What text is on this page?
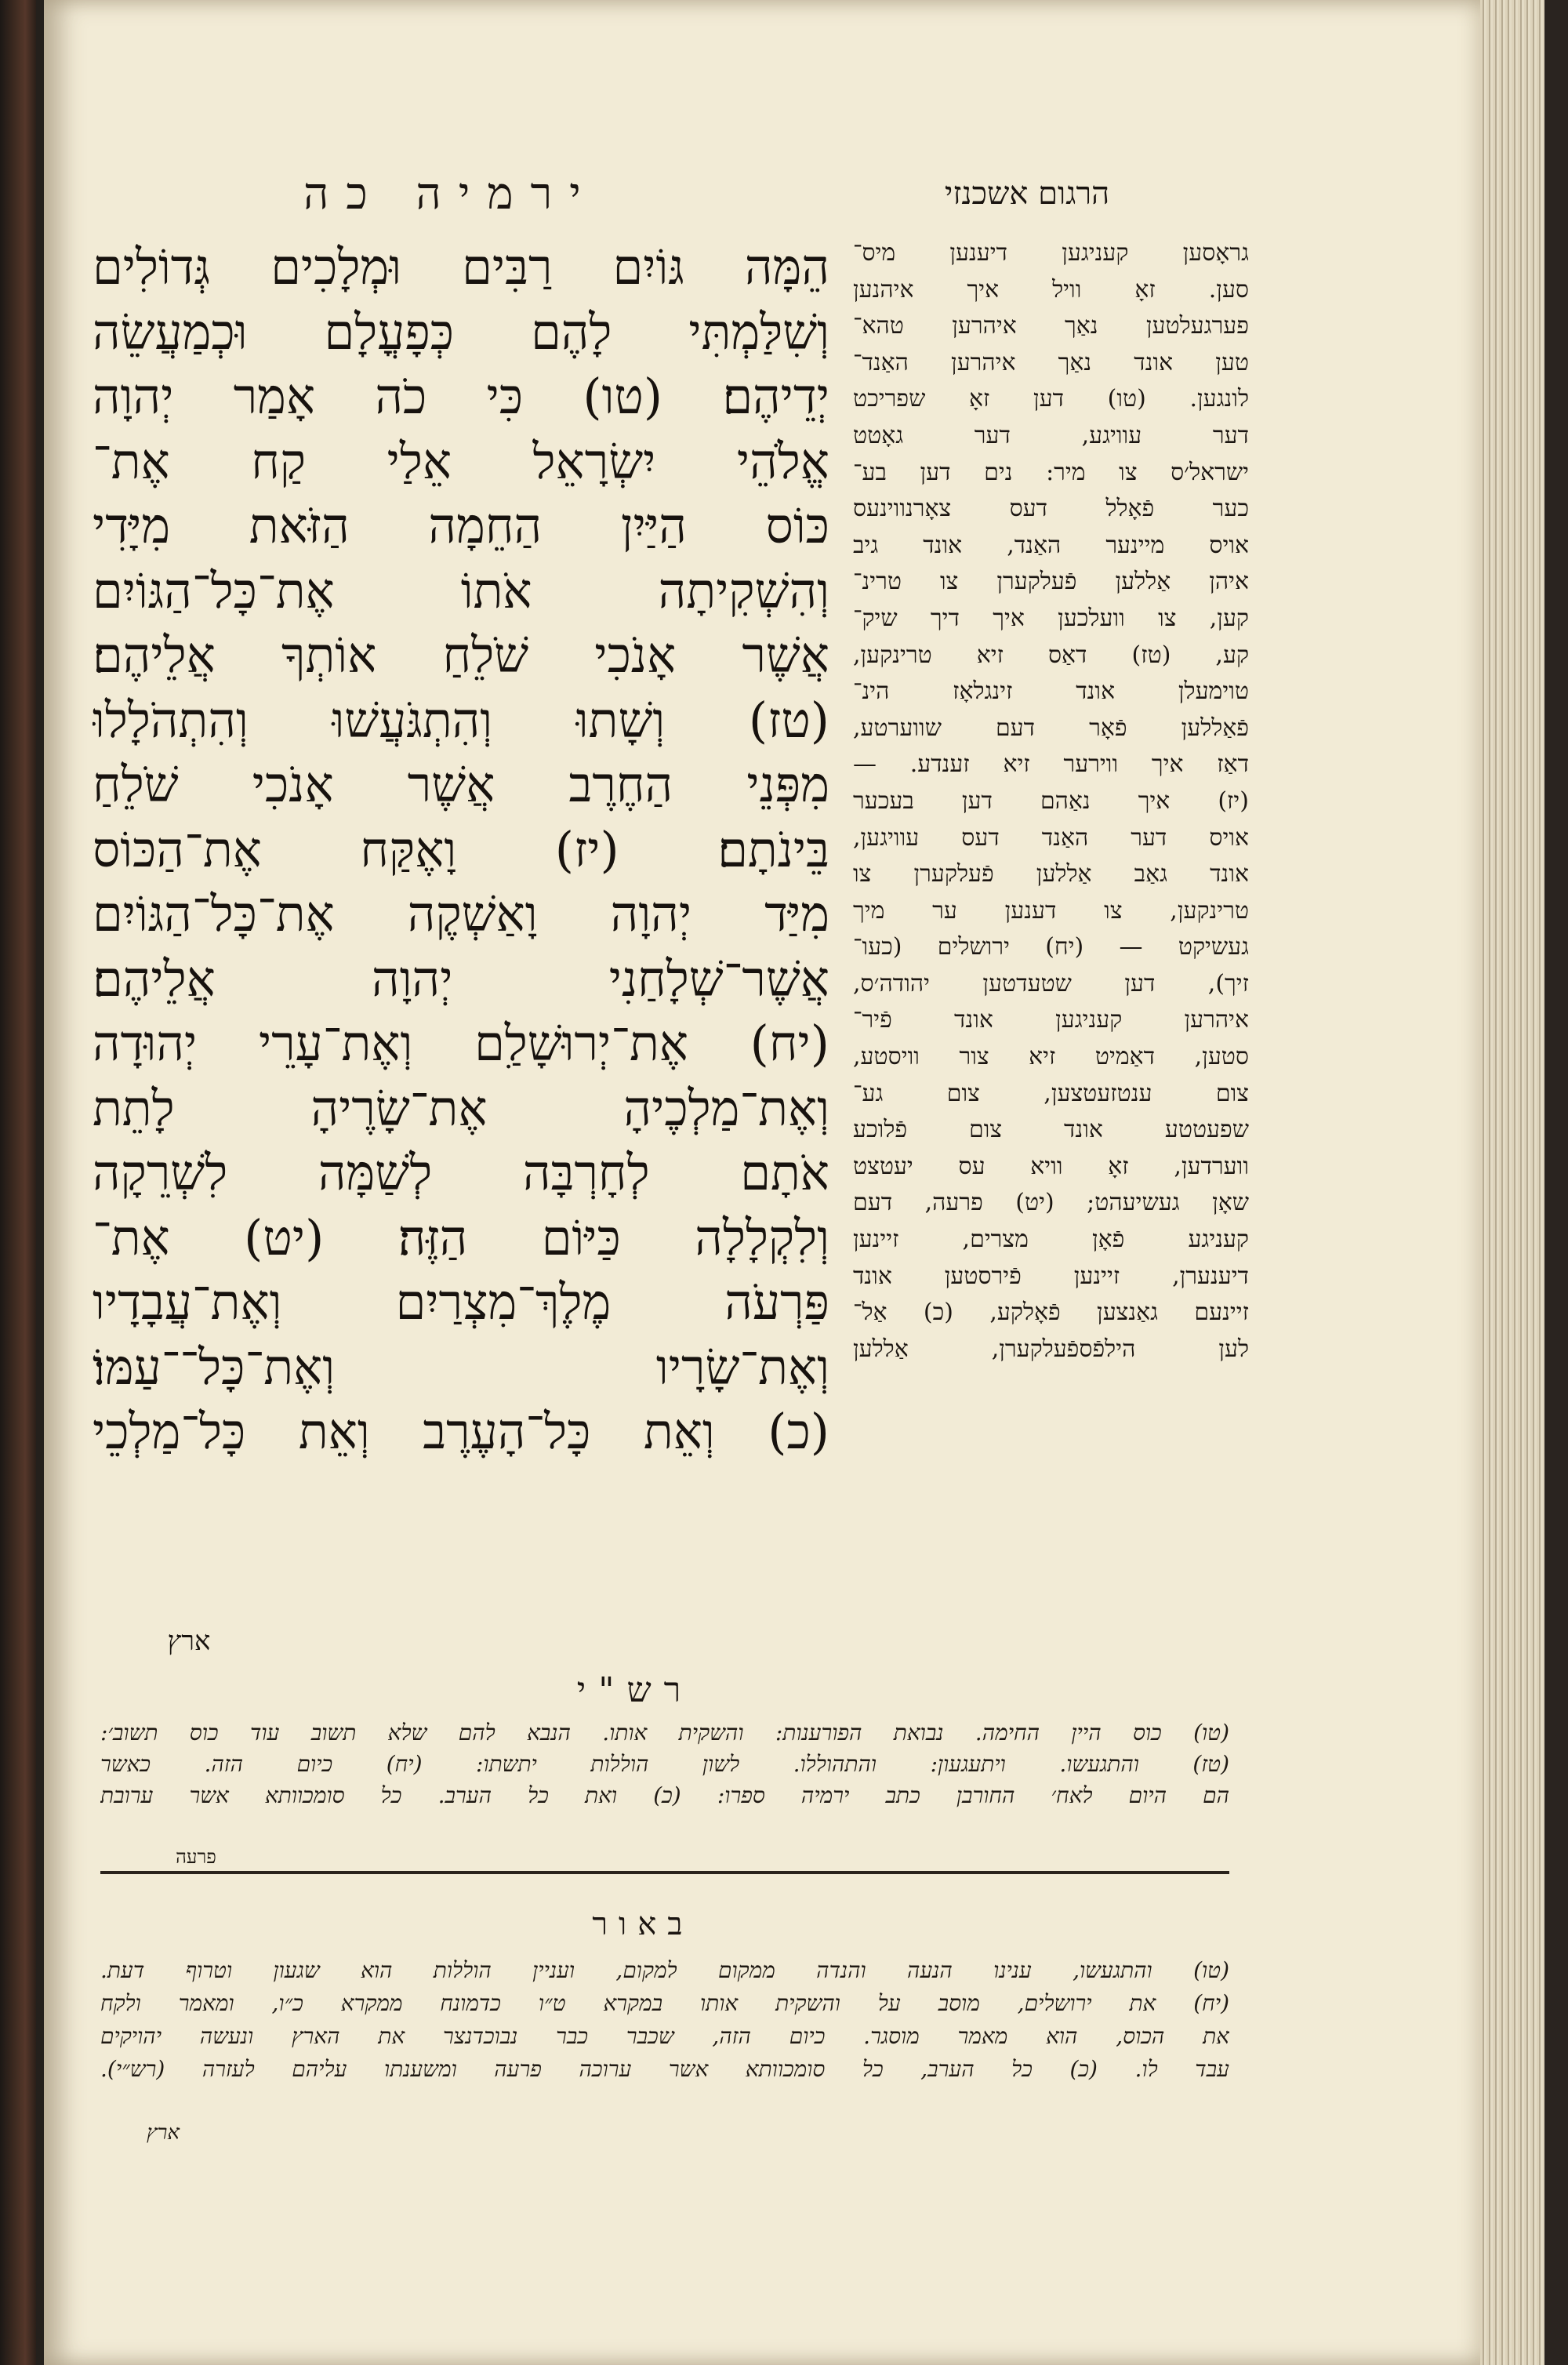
ירמיה כה	הרגום אשכנזי
הֵמָּה גּוֹיִם רַבִּים וּמְלָכִים גְּדוֹלִים
וְשִׁלַּמְתִּי לָהֶם כְּפָעֳלָם וּכְמַעֲשֵׂה
יְדֵיהֶם׃ (טו) כִּי כֹה אָמַר יְהוָה
אֱלֹהֵי יִשְׂרָאֵל אֵלַי קַח אֶת־
כּוֹס הַיַּיִן הַחֵמָה הַזֹּאת מִיָּדִי
וְהִשְׁקִיתָה אֹתוֹ אֶת־כָּל־הַגּוֹיִם
אֲשֶׁר אָנֹכִי שֹׁלֵחַ אוֹתְךָ אֲלֵיהֶם׃
(טז) וְשָׁתוּ וְהִתְגֹּעֲשׁוּ וְהִתְהֹלָלוּ
מִפְּנֵי הַחֶרֶב אֲשֶׁר אָנֹכִי שֹׁלֵחַ
בֵּינֹתָם׃ (יז) וָאֶקַּח אֶת־הַכּוֹס
מִיַּד יְהוָה וָאַשְׁקֶה אֶת־כָּל־הַגּוֹיִם
אֲשֶׁר־שְׁלָחַנִי יְהוָה אֲלֵיהֶם׃
(יח) אֶת־יְרוּשָׁלִַם וְאֶת־עָרֵי יְהוּדָה
וְאֶת־מַלְכֶיהָ אֶת־שָׂרֶיהָ לָתֵת
אֹתָם לְחָרְבָּה לְשַׁמָּה לִשְׁרֵקָה
וְלִקְלָלָה כַּיּוֹם הַזֶּה׃ (יט) אֶת־
פַּרְעֹה מֶלֶךְ־מִצְרַיִם וְאֶת־עֲבָדָיו
וְאֶת־שָׂרָיו וְאֶת־כָּל־־עַמּוֹ׃
(כ) וְאֵת כָּל־הָעֶרֶב וְאֵת כָּל־מַלְכֵי
ארץ
גראָסען קעניגען דיענען מיס־
סען. זאָ וויל איך איהנען
פערגעלטען נאַך איהרען טהא־
טען אונד נאַך איהרען האַנד־
לונגען. (טו) דען זאָ שפריכט
דער עוויגע, דער גאָטט
ישראל׳ס צו מיר: נים דען בע־
כער פֿאָלל דעס צאָרנווינעס
אויס מיינער האַנד, אונד גיב
איהן אַללען פֿעלקערן צו טרינ־
קען, צו וועלכען איך דיך שיק־
קע, (טז) דאַס זיא טרינקען,
טוימעלן אונד זינגלאָז הינ־
פֿאַללען פֿאָר דעם שווערטע,
דאַז איך ווירער זיא זענדע. —
(יז) איך נאַהם דען בעכער
אויס דער האַנד דעס עוויגען,
אונד גאַב אַללען פֿעלקערן צו
טרינקען, צו דענען ער מיך
געשיקט — (יח) ירושלים (כעו־
זיך), דען שטעדטען יהודה׳ס,
איהרען קעניגען אונד פֿיר־
סטען, דאַמיט זיא צור וויסטע,
צום ענטזעטצען, צום גע־
שפעטטע אונד צום פֿלוכע
ווערדען, זאָ וויא עס יעטצט
שאָן געשיעהט; (יט) פרעה, דעם
קעניגע פֿאָן מצרים, זיינען
דיענערן, זיינען פֿירסטען אונד
זיינעם גאַנצען פֿאָלקע, (כ) אַל־
לען הילפֿספֿעלקערן, אַללען
רש"י
(טו) כוס היין החימה. נבואת הפורענות: והשקית אותו. הנבא להם שלא תשוב עוד כוס תשוב׳:
(טז) והתגעשו. ויתעגעון: והתהוללו. לשון הוללות יתשתו: (יח) כיום הזה. כאשר
הם היום לאח׳ החורבן כתב ירמיה ספרו: (כ) ואת כל הערב. כל סומכוותא אשר ערובת
פרעה
באור
(טו) והתגעשו, ענינו הנעה והנדה ממקום למקום, ועניין הוללות הוא שגעון וטרוף דעת.
(יח) את ירושלים, מוסב על והשקית אותו במקרא ט״ו כדמונח ממקרא כ״ו, ומאמר ולקח
את הכוס, הוא מאמר מוסגר. כיום הזה, שכבר כבר נבוכדנצר את הארץ ונעשה יהויקים
עבד לו. (כ) כל הערב, כל סומכוותא אשר ערוכה פרעה ומשענתו עליהם לעזרה (רש״י).
ארץ
